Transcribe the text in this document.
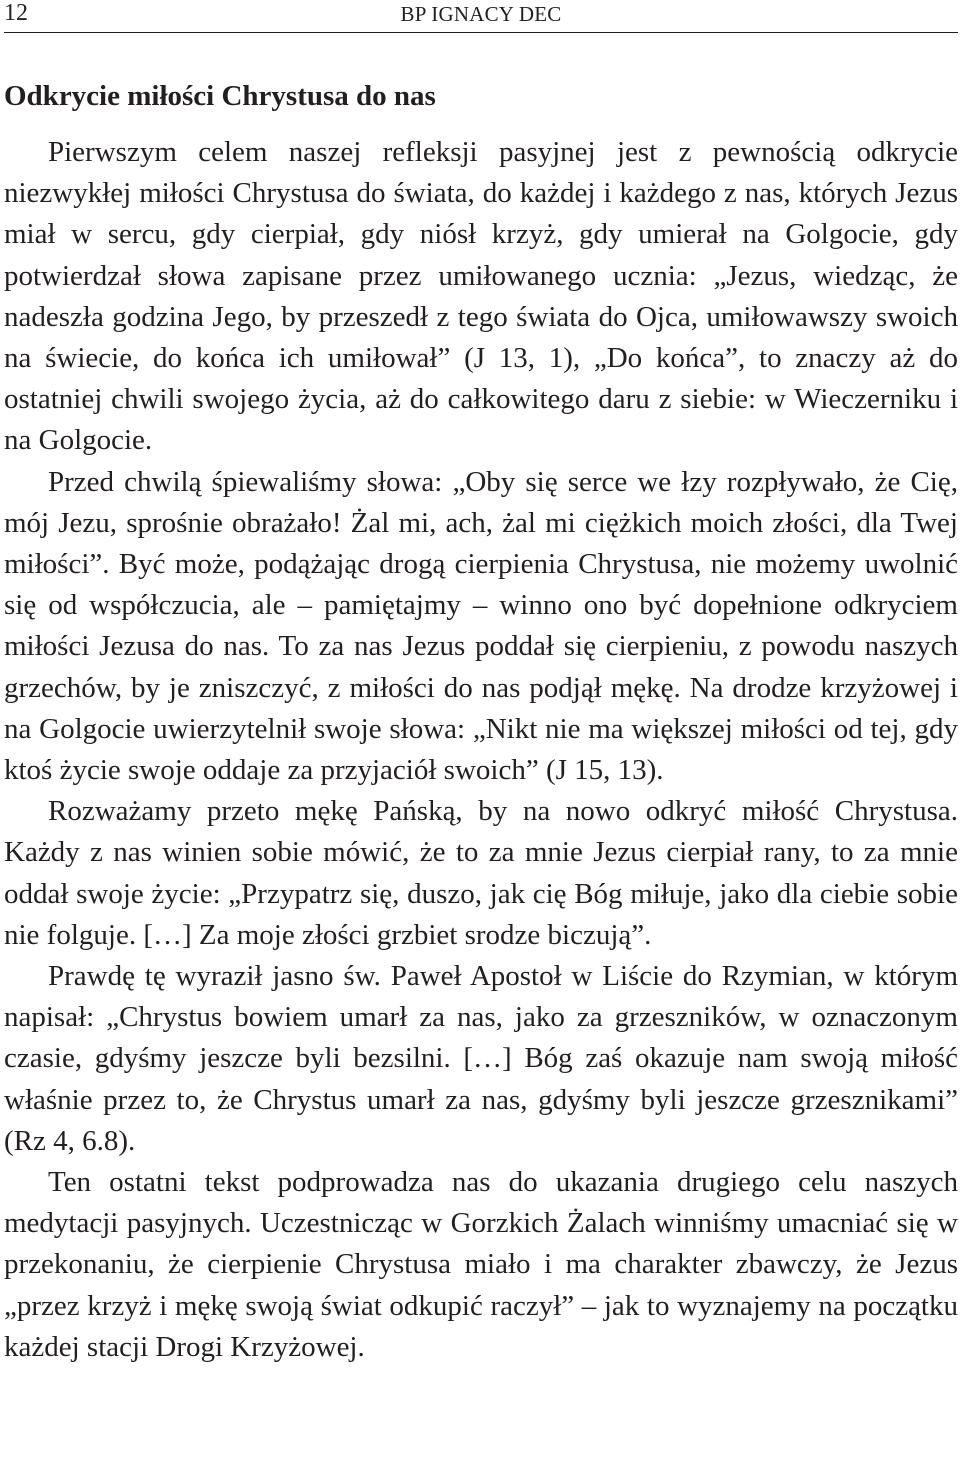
12	BP IGNACY DEC
Odkrycie miłości Chrystusa do nas

Pierwszym celem naszej refleksji pasyjnej jest z pewnością odkrycie niezwykłej miłości Chrystusa do świata, do każdej i każdego z nas, których Jezus miał w sercu, gdy cierpiał, gdy niósł krzyż, gdy umierał na Golgocie, gdy potwierdzał słowa zapisane przez umiłowanego ucznia: „Jezus, wiedząc, że nadeszła godzina Jego, by przeszedł z tego świata do Ojca, umiłowawszy swoich na świecie, do końca ich umiłował” (J 13, 1), „Do końca”, to znaczy aż do ostatniej chwili swojego życia, aż do całkowitego daru z siebie: w Wieczerniku i na Golgocie.

Przed chwilą śpiewaliśmy słowa: „Oby się serce we łzy rozpływało, że Cię, mój Jezu, sprośnie obrażało! Żal mi, ach, żal mi ciężkich moich złości, dla Twej miłości”. Być może, podążając drogą cierpienia Chrystusa, nie możemy uwolnić się od współczucia, ale – pamiętajmy – winno ono być dopełnione odkryciem miłości Jezusa do nas. To za nas Jezus poddał się cierpieniu, z powodu naszych grzechów, by je zniszczyć, z miłości do nas podjął mękę. Na drodze krzyżowej i na Golgocie uwierzytelnił swoje słowa: „Nikt nie ma większej miłości od tej, gdy ktoś życie swoje oddaje za przyjaciół swoich” (J 15, 13).

Rozważamy przeto mękę Pańską, by na nowo odkryć miłość Chrystusa. Każdy z nas winien sobie mówić, że to za mnie Jezus cierpiał rany, to za mnie oddał swoje życie: „Przypatrz się, duszo, jak cię Bóg miłuje, jako dla ciebie sobie nie folguje. […] Za moje złości grzbiet srodze biczują”.

Prawdę tę wyraził jasno św. Paweł Apostoł w Liście do Rzymian, w którym napisał: „Chrystus bowiem umarł za nas, jako za grzeszników, w oznaczonym czasie, gdyśmy jeszcze byli bezsilni. […] Bóg zaś okazuje nam swoją miłość właśnie przez to, że Chrystus umarł za nas, gdyśmy byli jeszcze grzesznikami” (Rz 4, 6.8).

Ten ostatni tekst podprowadza nas do ukazania drugiego celu naszych medytacji pasyjnych. Uczestnicząc w Gorzkich Żalach winniśmy umacniać się w przekonaniu, że cierpienie Chrystusa miało i ma charakter zbawczy, że Jezus „przez krzyż i mękę swoją świat odkupić raczył” – jak to wyznajemy na początku każdej stacji Drogi Krzyżowej.
